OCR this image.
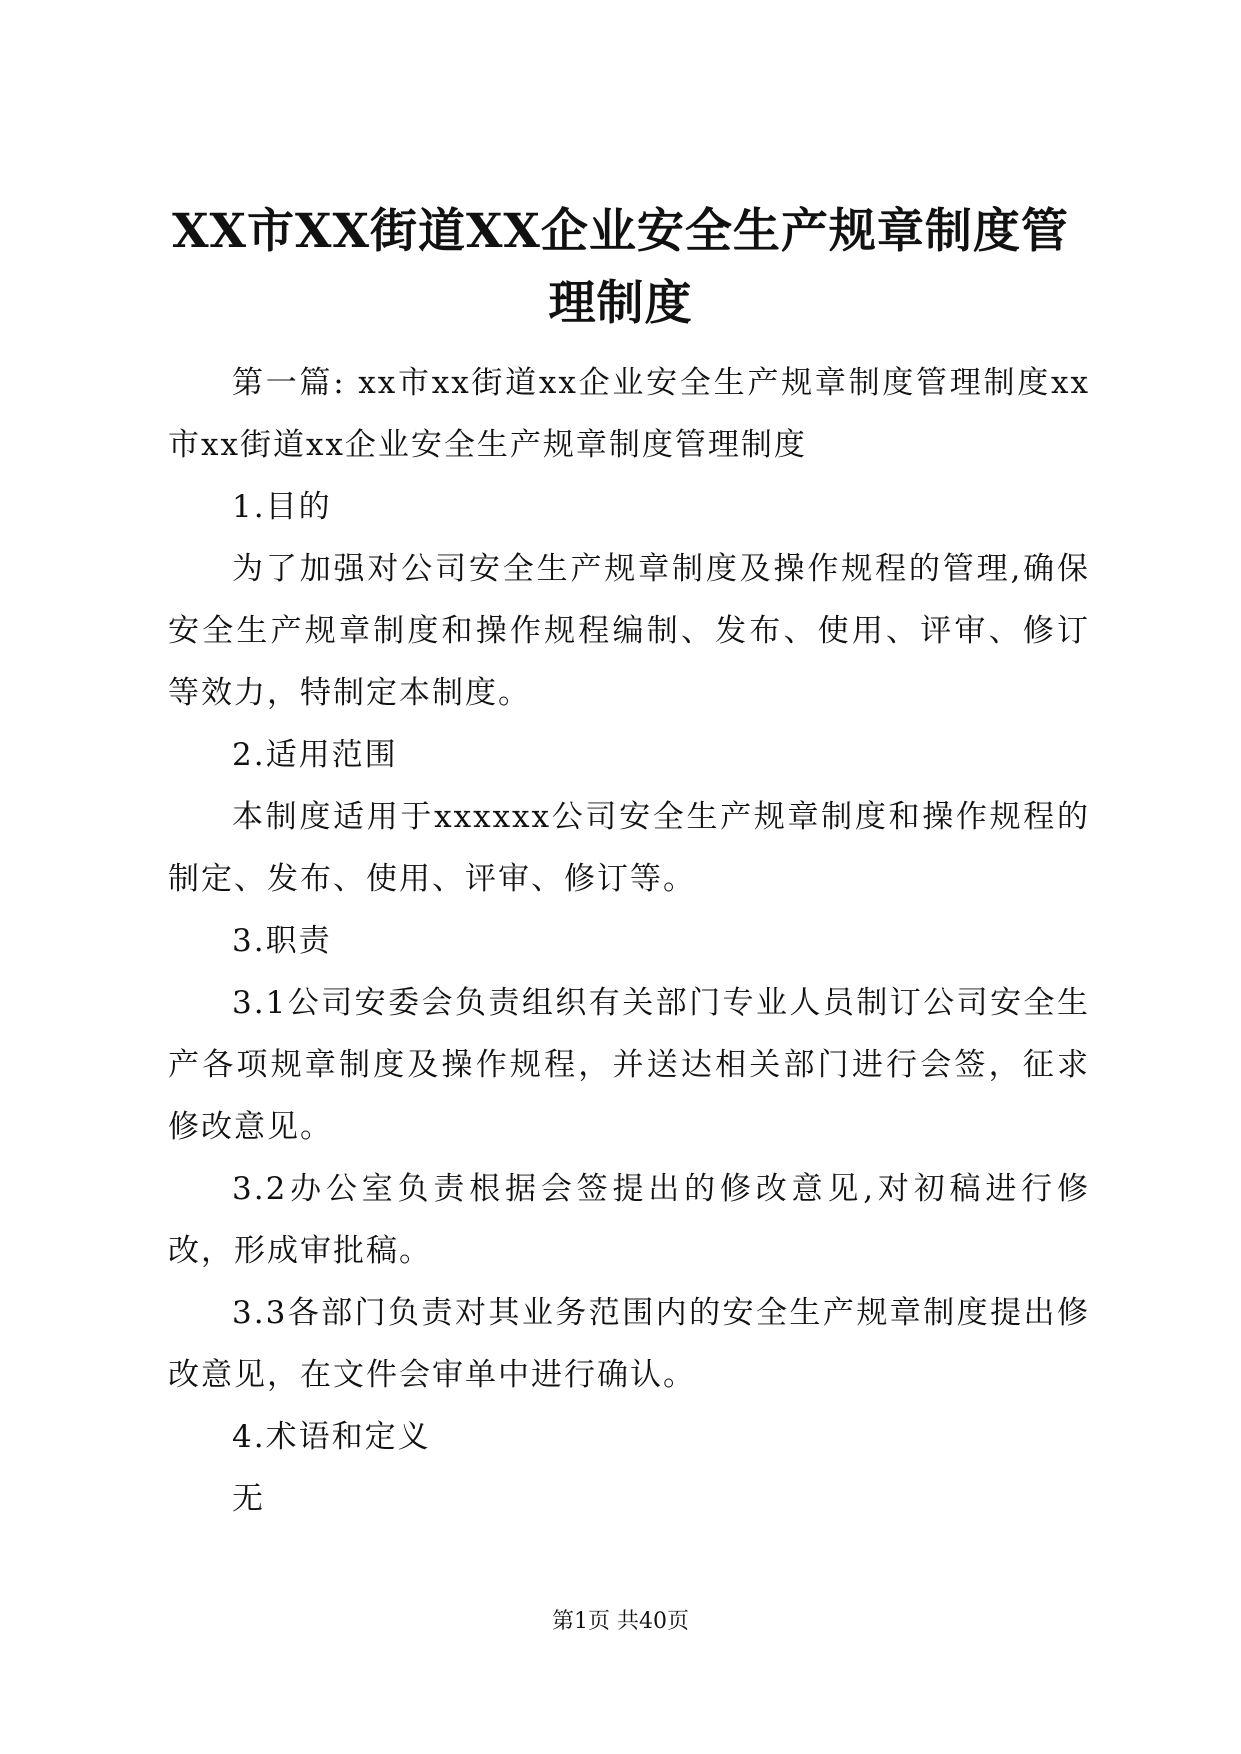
XX市XX街道XX企业安全生产规章制度管理制度

第一篇: xx市xx街道xx企业安全生产规章制度管理制度xx市xx街道xx企业安全生产规章制度管理制度

1.目的

为了加强对公司安全生产规章制度及操作规程的管理,确保安全生产规章制度和操作规程编制、发布、使用、评审、修订等效力，特制定本制度。

2.适用范围

本制度适用于xxxxxx公司安全生产规章制度和操作规程的制定、发布、使用、评审、修订等。

3.职责

3.1公司安委会负责组织有关部门专业人员制订公司安全生产各项规章制度及操作规程，并送达相关部门进行会签，征求修改意见。

3.2办公室负责根据会签提出的修改意见,对初稿进行修改，形成审批稿。

3.3各部门负责对其业务范围内的安全生产规章制度提出修改意见，在文件会审单中进行确认。

4.术语和定义

无

第1页 共40页
